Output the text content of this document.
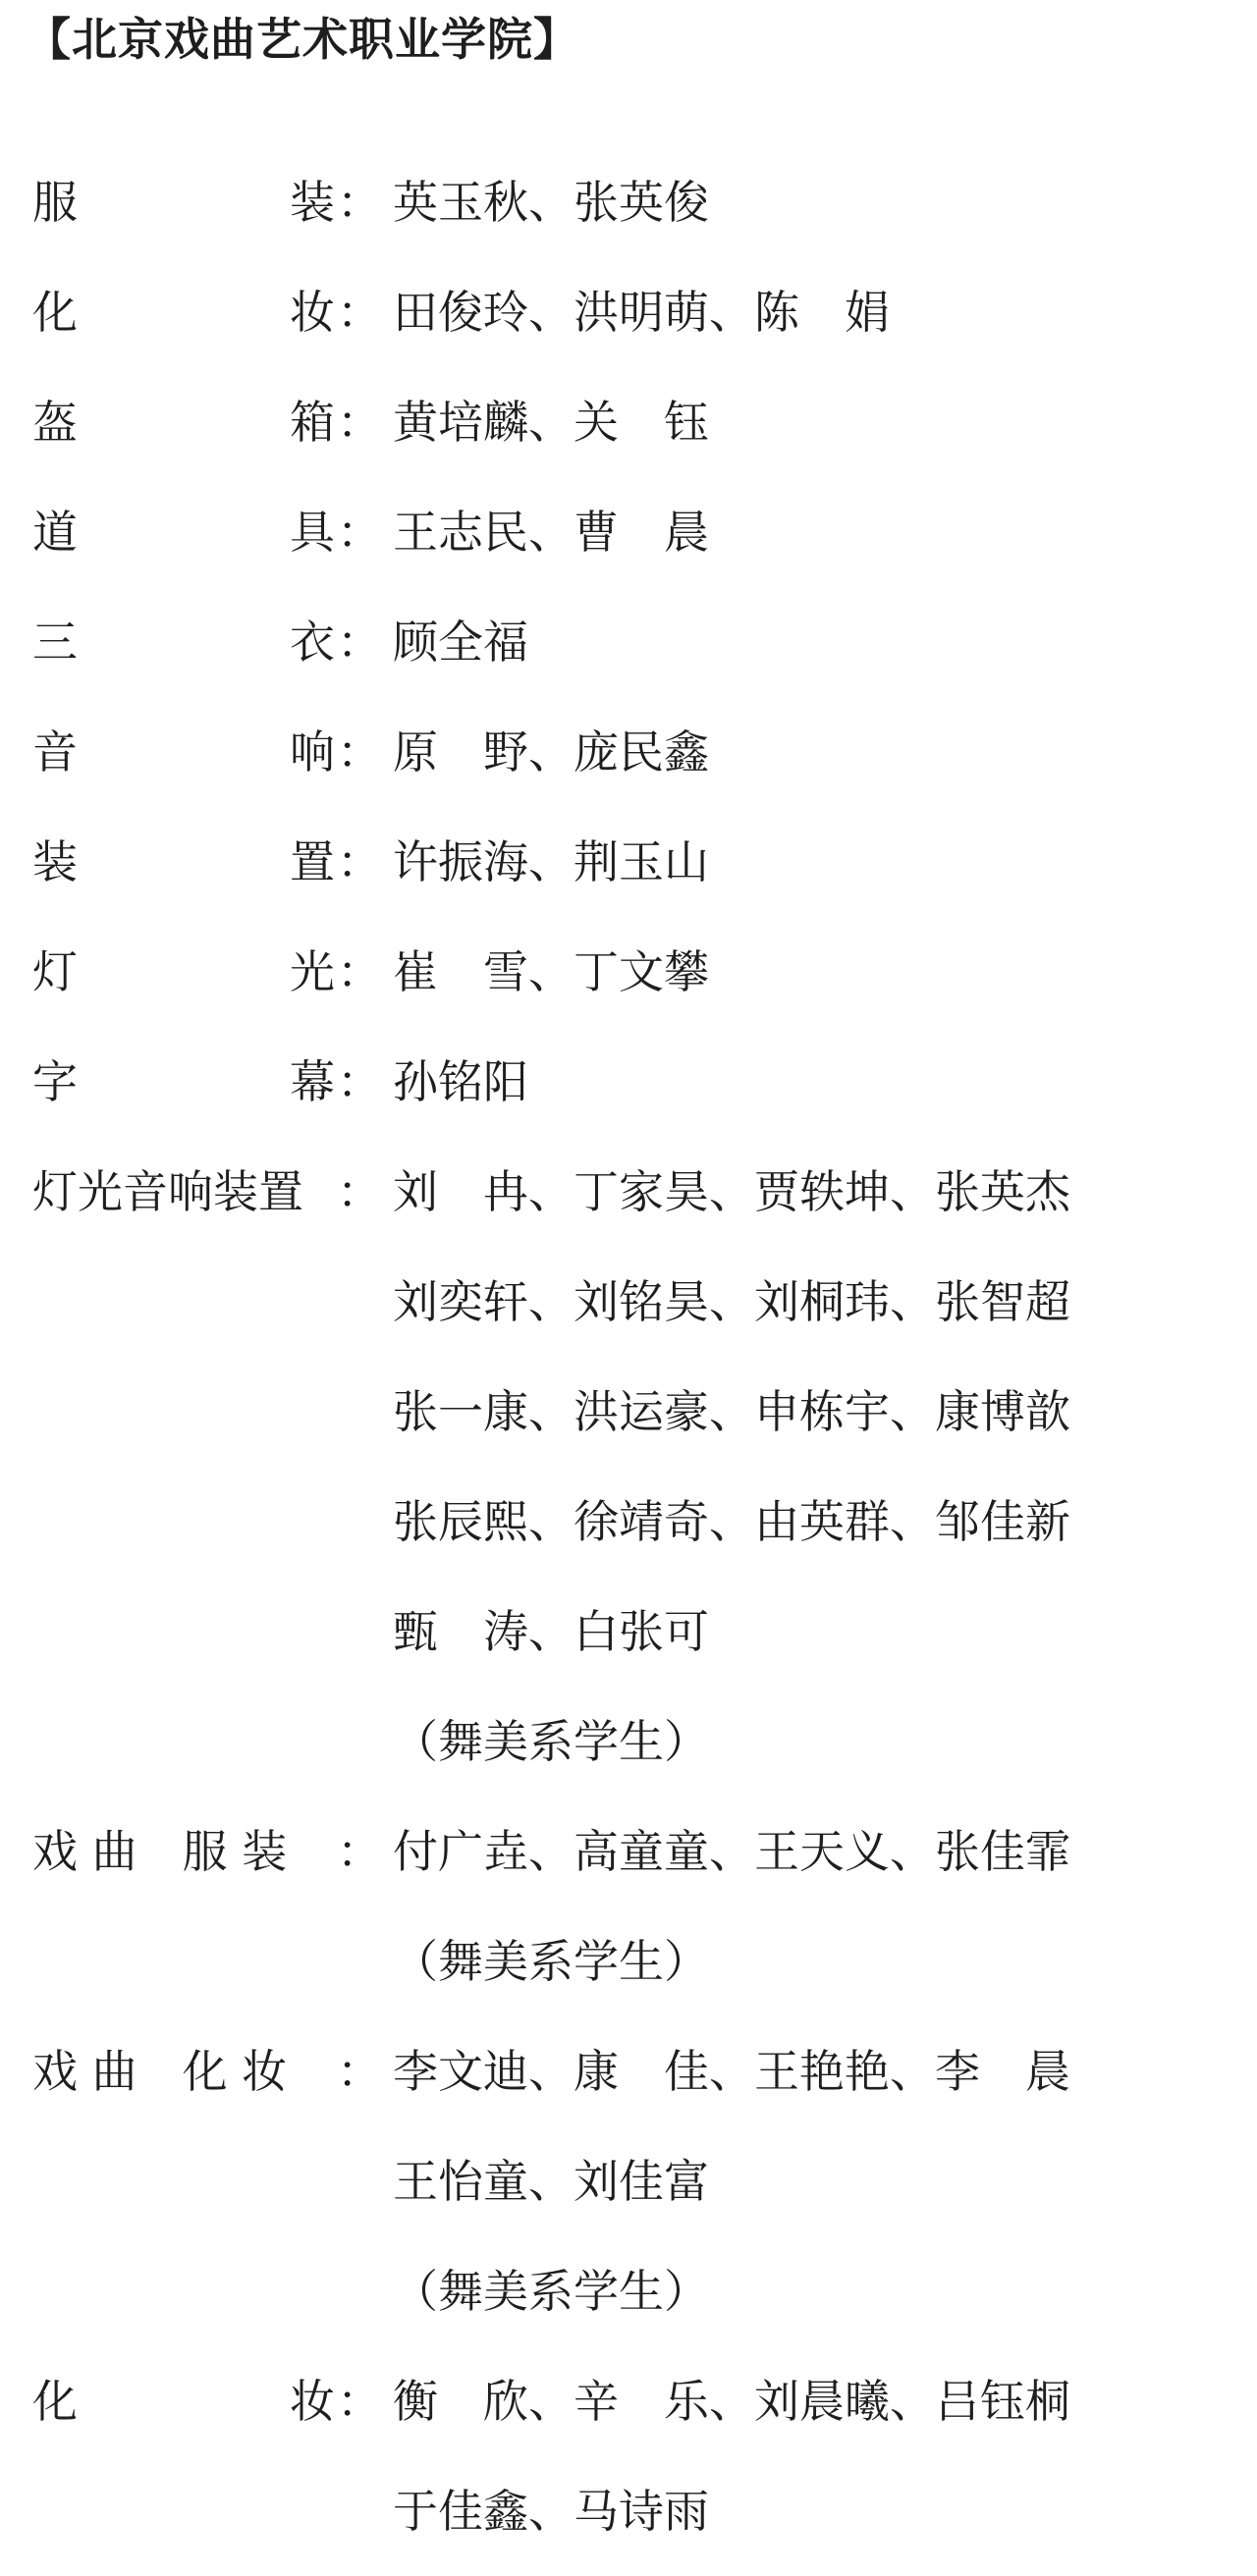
【北京戏曲艺术职业学院】
服	装 ： 英玉秋、张英俊
化	妆 ： 田俊玲、洪明萌、陈　娟
盔	箱 ： 黄培麟、关　钰
道	具 ： 王志民、曹　晨
三	衣 ： 顾全福
音	响 ： 原　野、庞民鑫
装	置 ： 许振海、荆玉山
灯	光 ： 崔　雪、丁文攀
字	幕 ： 孙铭阳
灯光音响装置 ： 刘　冉、丁家昊、贾轶坤、张英杰
刘奕轩、刘铭昊、刘桐玮、张智超
张一康、洪运豪、申栋宇、康博歆
张辰熙、徐靖奇、由英群、邹佳新
甄　涛、白张可
（舞美系学生）
戏 曲　服 装 ： 付广垚、高童童、王天义、张佳霏
（舞美系学生）
戏 曲　化 妆 ： 李文迪、康　佳、王艳艳、李　晨
王怡童、刘佳富
（舞美系学生）
化	妆 ： 衡　欣、辛　乐、刘晨曦、吕钰桐
于佳鑫、马诗雨
